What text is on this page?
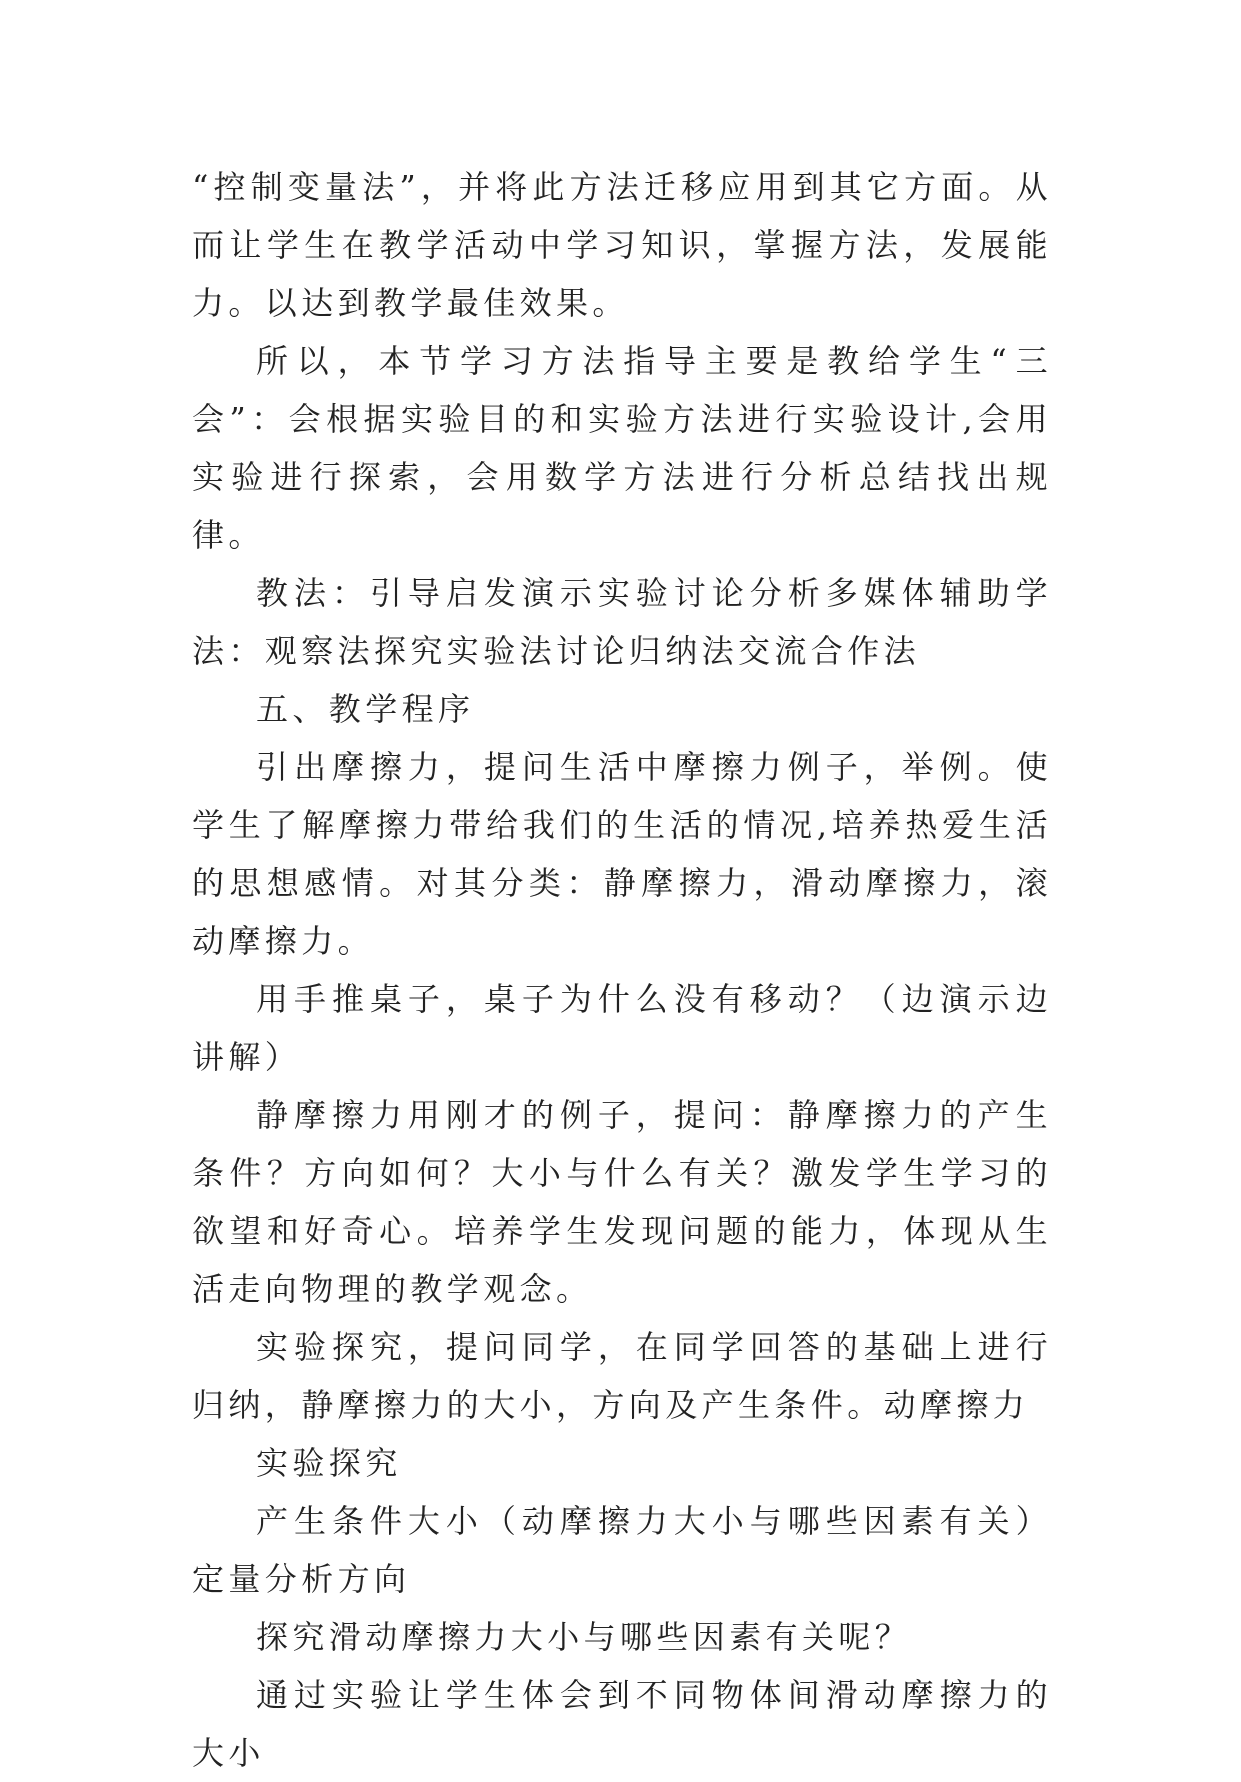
“控制变量法”，并将此方法迁移应用到其它方面。从而让学生在教学活动中学习知识，掌握方法，发展能力。以达到教学最佳效果。

所以，本节学习方法指导主要是教给学生“三会”：会根据实验目的和实验方法进行实验设计,会用实验进行探索，会用数学方法进行分析总结找出规律。

教法：引导启发演示实验讨论分析多媒体辅助学法：观察法探究实验法讨论归纳法交流合作法

五、教学程序

引出摩擦力，提问生活中摩擦力例子，举例。使学生了解摩擦力带给我们的生活的情况,培养热爱生活的思想感情。对其分类：静摩擦力，滑动摩擦力，滚动摩擦力。

用手推桌子，桌子为什么没有移动？（边演示边讲解）

静摩擦力用刚才的例子，提问：静摩擦力的产生条件？方向如何？大小与什么有关？激发学生学习的欲望和好奇心。培养学生发现问题的能力，体现从生活走向物理的教学观念。

实验探究，提问同学，在同学回答的基础上进行归纳，静摩擦力的大小，方向及产生条件。动摩擦力

实验探究

产生条件大小（动摩擦力大小与哪些因素有关）定量分析方向

探究滑动摩擦力大小与哪些因素有关呢？

通过实验让学生体会到不同物体间滑动摩擦力的大小
